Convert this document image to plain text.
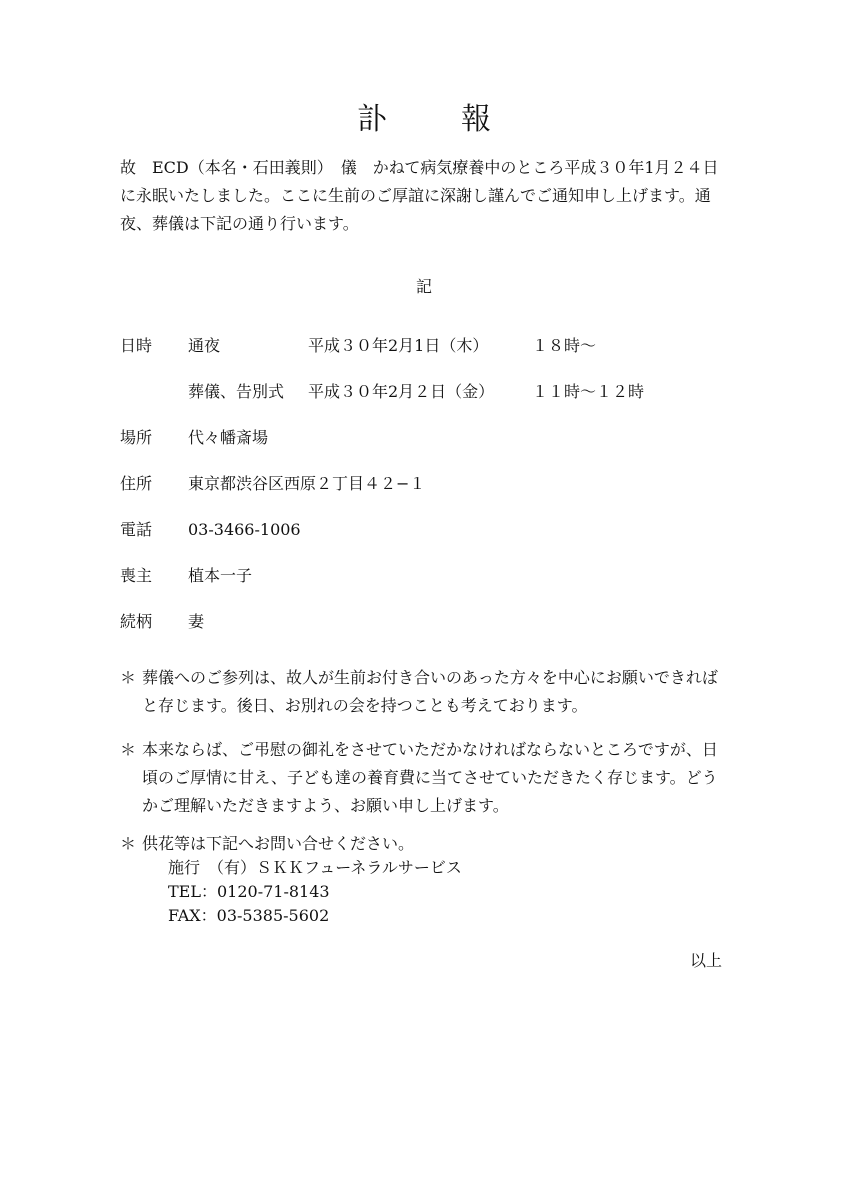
訃　報
故　ECD（本名・石田義則）　儀　かねて病気療養中のところ平成３０年1月２４日に永眠いたしました。ここに生前のご厚誼に深謝し謹んでご通知申し上げます。通夜、葬儀は下記の通り行います。
記
日時 通夜	平成３０年2月1日（木）	１８時〜
葬儀、告別式 平成３０年2月２日（金） １１時〜１２時
場所 代々幡斎場
住所 東京都渋谷区西原２丁目４２−１
電話 03-3466-1006
喪主 植本一子
続柄 妻
＊ 葬儀へのご参列は、故人が生前お付き合いのあった方々を中心にお願いできればと存じます。後日、お別れの会を持つことも考えております。
＊ 本来ならば、ご弔慰の御礼をさせていただかなければならないところですが、日頃のご厚情に甘え、子ども達の養育費に当てさせていただきたく存じます。どうかご理解いただきますよう、お願い申し上げます。
＊ 供花等は下記へお問い合せください。
施行　（有）ＳＫＫフューネラルサービス
TEL：0120-71-8143
FAX：03-5385-5602
以上
